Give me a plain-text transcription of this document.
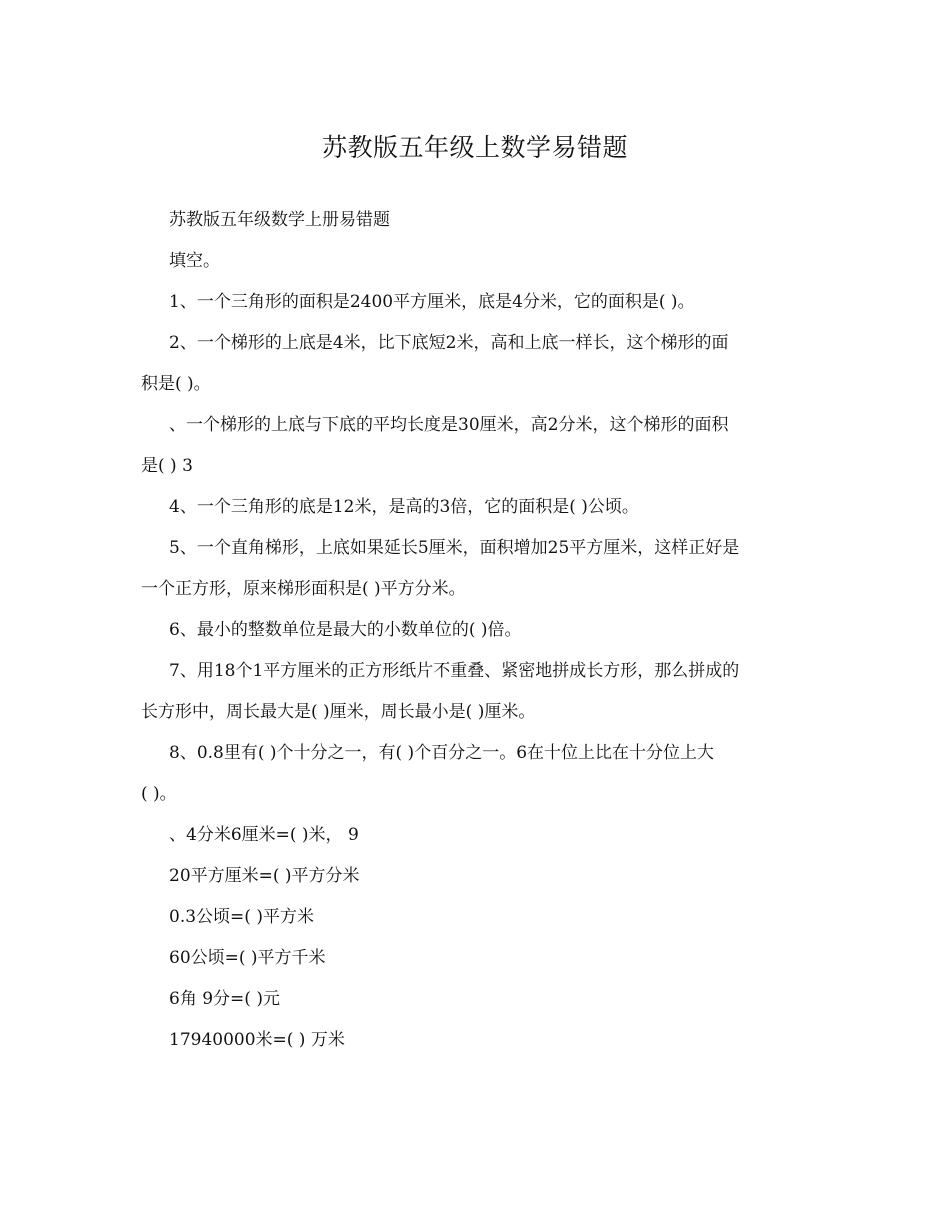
苏教版五年级上数学易错题
苏教版五年级数学上册易错题
填空。
1、一个三角形的面积是2400平方厘米，底是4分米，它的面积是( )。
2、一个梯形的上底是4米，比下底短2米，高和上底一样长，这个梯形的面
积是( )。
、一个梯形的上底与下底的平均长度是30厘米，高2分米，这个梯形的面积
是( ) 3
4、一个三角形的底是12米，是高的3倍，它的面积是( )公顷。
5、一个直角梯形，上底如果延长5厘米，面积增加25平方厘米，这样正好是
一个正方形，原来梯形面积是( )平方分米。
6、最小的整数单位是最大的小数单位的( )倍。
7、用18个1平方厘米的正方形纸片不重叠、紧密地拼成长方形，那么拼成的
长方形中，周长最大是( )厘米，周长最小是( )厘米。
8、0.8里有( )个十分之一，有( )个百分之一。6在十位上比在十分位上大
( )。
、4分米6厘米=( )米， 9
20平方厘米=( )平方分米
0.3公顷=( )平方米
60公顷=( )平方千米
6角 9分=( )元
17940000米=( ) 万米
